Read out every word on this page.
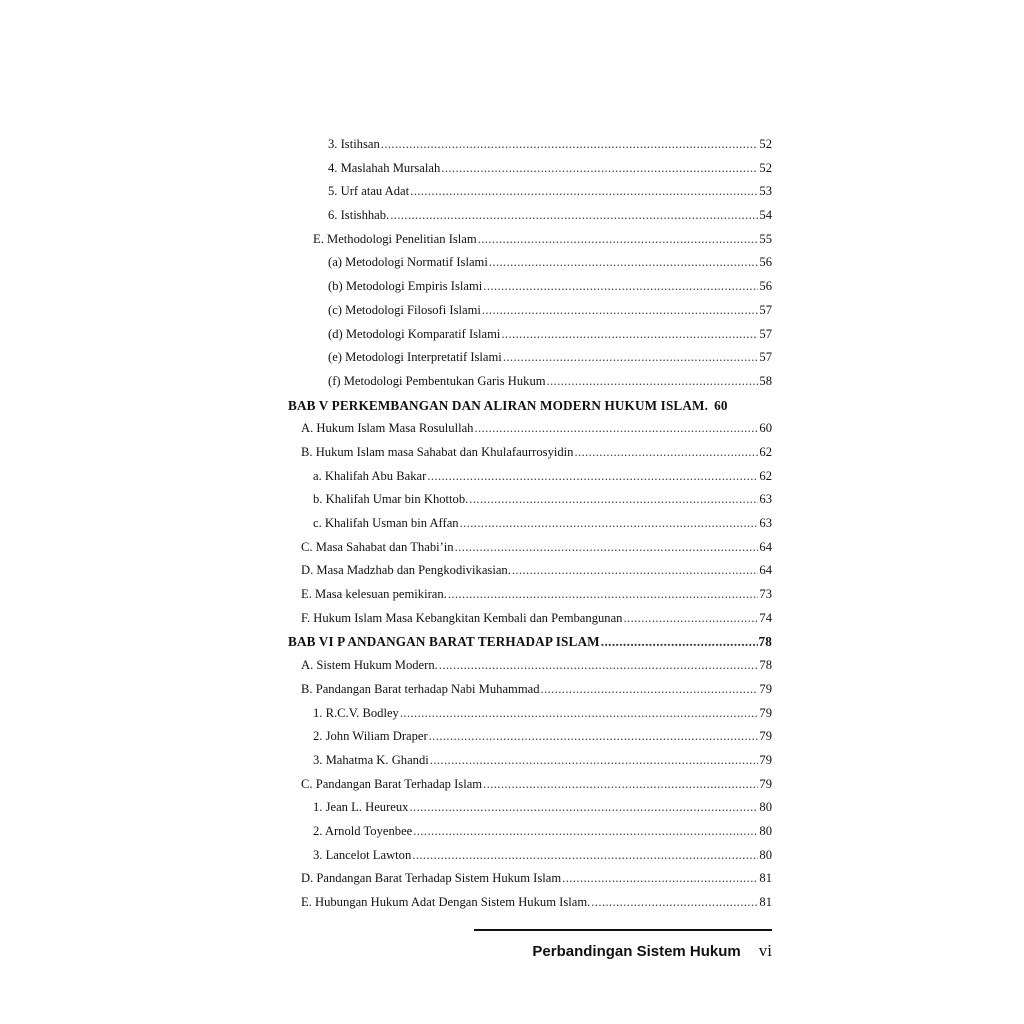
3. Istihsan .....	52
4. Maslahah Mursalah .....	52
5. Urf atau Adat .....	53
6. Istishhab. .....	54
E. Methodologi Penelitian Islam .....	55
(a) Metodologi Normatif Islami .....	56
(b) Metodologi Empiris Islami .....	56
(c) Metodologi Filosofi Islami .....	57
(d) Metodologi Komparatif Islami .....	57
(e) Metodologi Interpretatif Islami .....	57
(f) Metodologi Pembentukan Garis Hukum .....	58
BAB V PERKEMBANGAN DAN ALIRAN MODERN HUKUM ISLAM. 60
A. Hukum Islam Masa Rosulullah .....	60
B. Hukum Islam masa Sahabat dan Khulafaurrosyidin .....	62
a. Khalifah Abu Bakar .....	62
b. Khalifah Umar bin Khottob. .....	63
c. Khalifah Usman bin Affan .....	63
C. Masa Sahabat dan Thabi’in .....	64
D. Masa Madzhab dan Pengkodivikasian. .....	64
E. Masa kelesuan pemikiran. .....	73
F. Hukum Islam Masa Kebangkitan Kembali dan Pembangunan .....	74
BAB VI P ANDANGAN BARAT TERHADAP ISLAM .....	78
A. Sistem Hukum Modern. .....	78
B. Pandangan Barat terhadap Nabi Muhammad .....	79
1. R.C.V. Bodley .....	79
2. John Wiliam Draper .....	79
3. Mahatma K. Ghandi .....	79
C. Pandangan Barat Terhadap Islam .....	79
1. Jean L. Heureux .....	80
2. Arnold Toyenbee .....	80
3. Lancelot Lawton .....	80
D. Pandangan Barat Terhadap Sistem Hukum Islam .....	81
E. Hubungan Hukum Adat Dengan Sistem Hukum Islam. .....	81
Perbandingan Sistem Hukum vi
